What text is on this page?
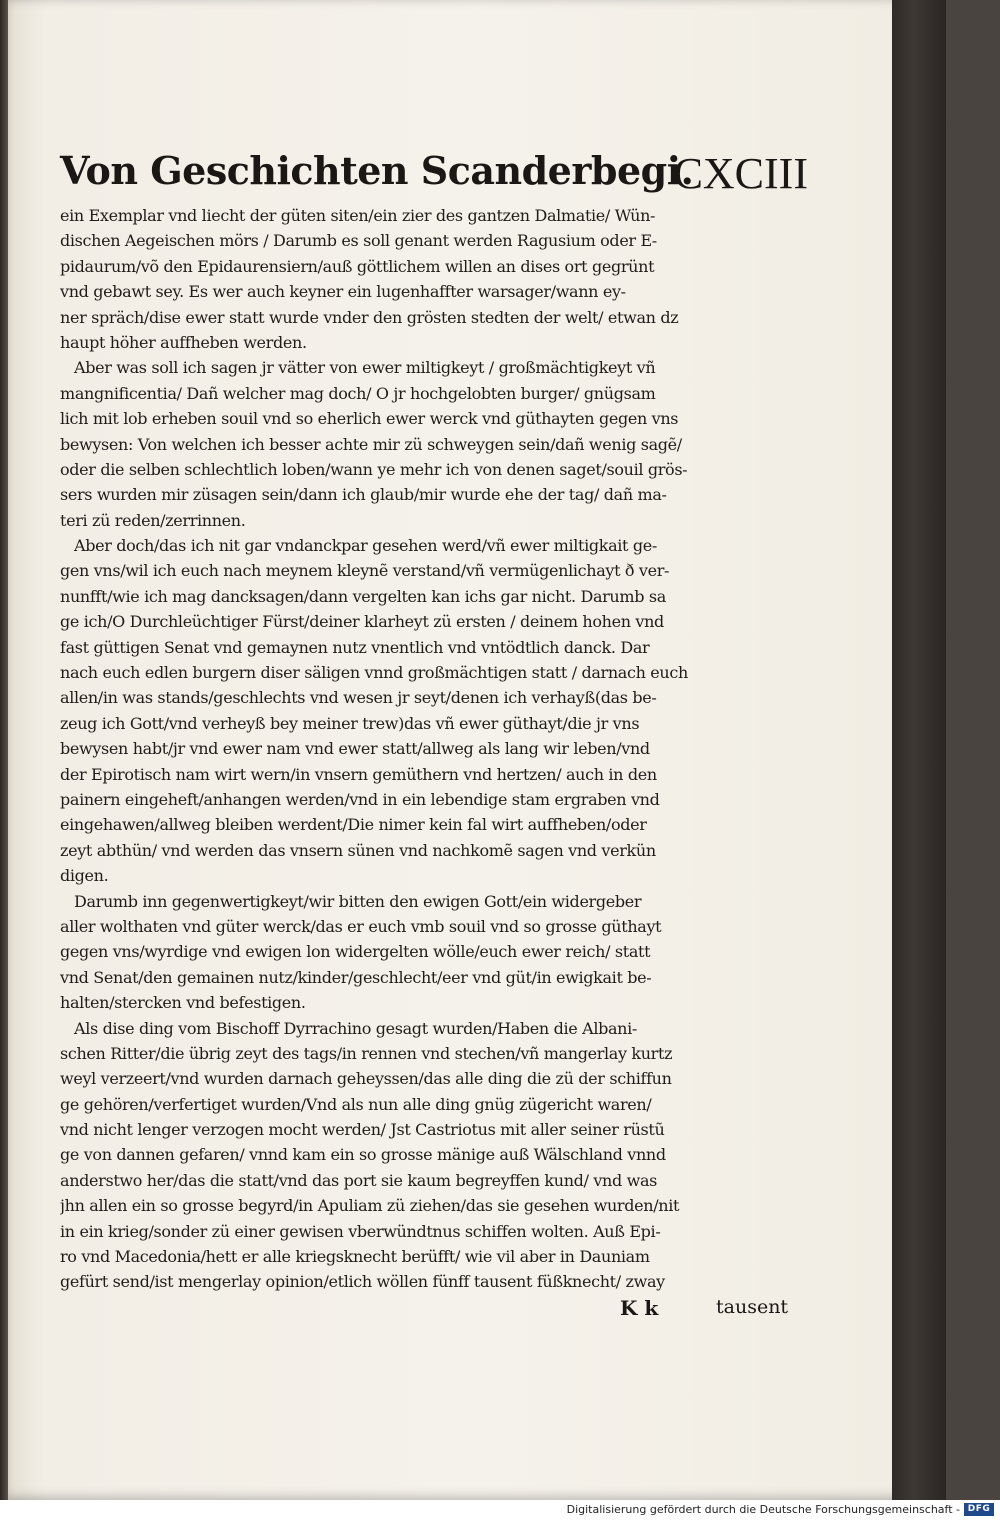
Von Geschichten Scanderbegi.
CXCIII
ein Exemplar vnd liecht der güten siten/ein zier des gantzen Dalmatie/ Wün‑
dischen Aegeischen mörs / Darumb es soll genant werden Ragusium oder E‑
pidaurum/võ den Epidaurensiern/auß göttlichem willen an dises ort gegrünt
vnd gebawt sey. Es wer auch keyner ein lugenhaffter warsager/wann ey‑
ner spräch/dise ewer statt wurde vnder den grösten stedten der welt/ etwan dz
haupt höher auffheben werden.
Aber was soll ich sagen jr vätter von ewer miltigkeyt / großmächtigkeyt vñ
mangnificentia/ Dañ welcher mag doch/ O jr hochgelobten burger/ gnügsam
lich mit lob erheben souil vnd so eherlich ewer werck vnd güthayten gegen vns
bewysen: Von welchen ich besser achte mir zü schweygen sein/dañ wenig sagẽ/
oder die selben schlechtlich loben/wann ye mehr ich von denen saget/souil grös‑
sers wurden mir züsagen sein/dann ich glaub/mir wurde ehe der tag/ dañ ma‑
teri zü reden/zerrinnen.
Aber doch/das ich nit gar vndanckpar gesehen werd/vñ ewer miltigkait ge‑
gen vns/wil ich euch nach meynem kleynẽ verstand/vñ vermügenlichayt ð ver‑
nunfft/wie ich mag dancksagen/dann vergelten kan ichs gar nicht. Darumb sa
ge ich/O Durchleüchtiger Fürst/deiner klarheyt zü ersten / deinem hohen vnd
fast güttigen Senat vnd gemaynen nutz vnentlich vnd vntödtlich danck. Dar
nach euch edlen burgern diser säligen vnnd großmächtigen statt / darnach euch
allen/in was stands/geschlechts vnd wesen jr seyt/denen ich verhayß(das be‑
zeug ich Gott/vnd verheyß bey meiner trew)das vñ ewer güthayt/die jr vns
bewysen habt/jr vnd ewer nam vnd ewer statt/allweg als lang wir leben/vnd
der Epirotisch nam wirt wern/in vnsern gemüthern vnd hertzen/ auch in den
painern eingeheft/anhangen werden/vnd in ein lebendige stam ergraben vnd
eingehawen/allweg bleiben werdent/Die nimer kein fal wirt auffheben/oder
zeyt abthün/ vnd werden das vnsern sünen vnd nachkomẽ sagen vnd verkün
digen.
Darumb inn gegenwertigkeyt/wir bitten den ewigen Gott/ein widergeber
aller wolthaten vnd güter werck/das er euch vmb souil vnd so grosse güthayt
gegen vns/wyrdige vnd ewigen lon widergelten wölle/euch ewer reich/ statt
vnd Senat/den gemainen nutz/kinder/geschlecht/eer vnd güt/in ewigkait be‑
halten/stercken vnd befestigen.
Als dise ding vom Bischoff Dyrrachino gesagt wurden/Haben die Albani‑
schen Ritter/die übrig zeyt des tags/in rennen vnd stechen/vñ mangerlay kurtz
weyl verzeert/vnd wurden darnach geheyssen/das alle ding die zü der schiffun
ge gehören/verfertiget wurden/Vnd als nun alle ding gnüg zügericht waren/
vnd nicht lenger verzogen mocht werden/ Jst Castriotus mit aller seiner rüstũ
ge von dannen gefaren/ vnnd kam ein so grosse mänige auß Wälschland vnnd
anderstwo her/das die statt/vnd das port sie kaum begreyffen kund/ vnd was
jhn allen ein so grosse begyrd/in Apuliam zü ziehen/das sie gesehen wurden/nit
in ein krieg/sonder zü einer gewisen vberwündtnus schiffen wolten. Auß Epi‑
ro vnd Macedonia/hett er alle kriegsknecht berüfft/ wie vil aber in Dauniam
gefürt send/ist mengerlay opinion/etlich wöllen fünff tausent füßknecht/ zway
K k	tausent
Digitalisierung gefördert durch die Deutsche Forschungsgemeinschaft - DFG
